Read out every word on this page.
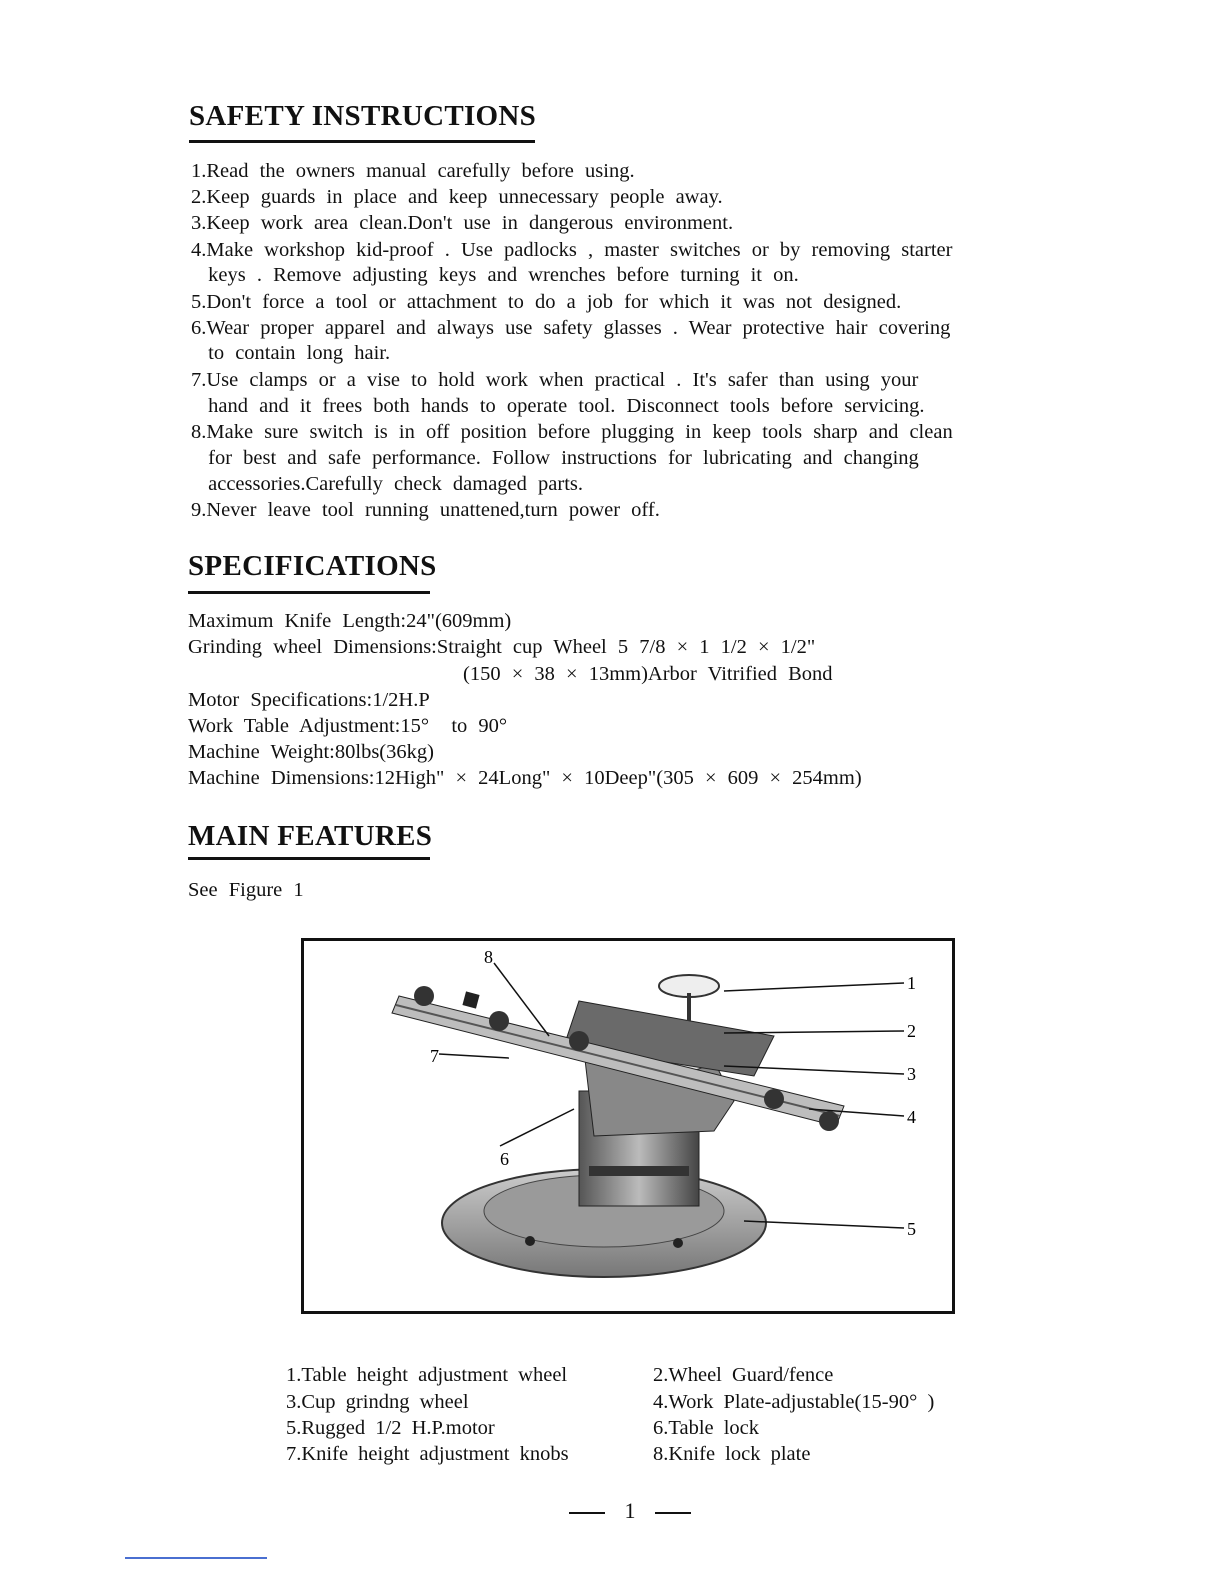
SAFETY INSTRUCTIONS
1.Read the owners manual carefully before using.
2.Keep guards in place and keep unnecessary people away.
3.Keep work area clean.Don't use in dangerous environment.
4.Make workshop kid-proof . Use padlocks , master switches or by removing starter
keys . Remove adjusting keys and wrenches before turning it on.
5.Don't force a tool or attachment to do a job for which it was not designed.
6.Wear proper apparel and always use safety glasses . Wear protective hair covering
to contain long hair.
7.Use clamps or a vise to hold work when practical . It's safer than using your
hand and it frees both hands to operate tool. Disconnect tools before servicing.
8.Make sure switch is in off position before plugging in keep tools sharp and clean
for best and safe performance. Follow instructions for lubricating and changing
accessories.Carefully check damaged parts.
9.Never leave tool running unattened,turn power off.
SPECIFICATIONS
Maximum Knife Length:24"(609mm)
Grinding wheel Dimensions:Straight cup Wheel 5 7/8 × 1 1/2 × 1/2"
(150 × 38 × 13mm)Arbor Vitrified Bond
Motor Specifications:1/2H.P
Work Table Adjustment:15°  to 90°
Machine Weight:80lbs(36kg)
Machine Dimensions:12High" × 24Long" × 10Deep"(305 × 609 × 254mm)
MAIN FEATURES
See Figure 1
1
2
3
4
5
6
7
8
1.Table height adjustment wheel	2.Wheel Guard/fence
3.Cup grindng wheel	4.Work Plate-adjustable(15-90° )
5.Rugged 1/2 H.P.motor	6.Table lock
7.Knife height adjustment knobs	8.Knife lock plate
1
